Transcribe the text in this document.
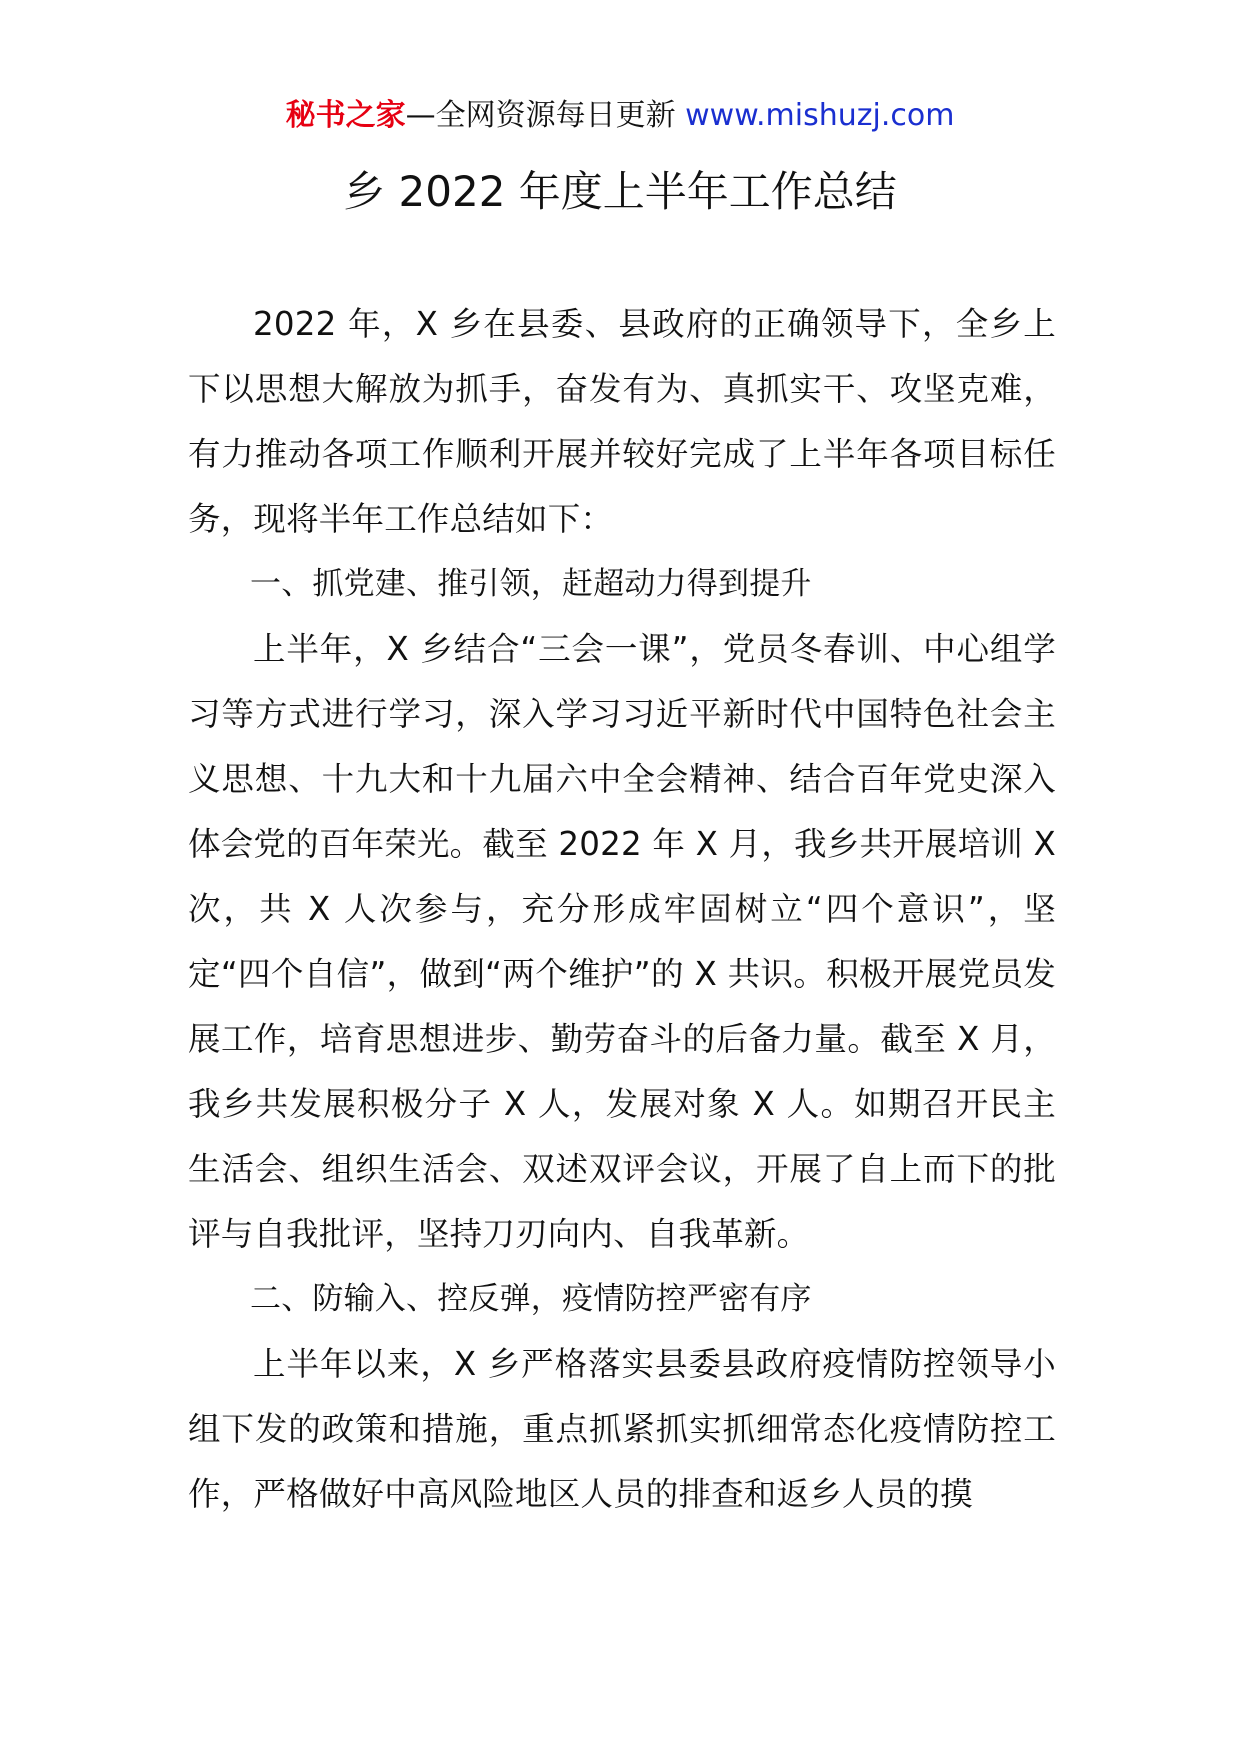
秘书之家—全网资源每日更新 www.mishuzj.com
乡 2022 年度上半年工作总结

2022 年，X 乡在县委、县政府的正确领导下，全乡上下以思想大解放为抓手，奋发有为、真抓实干、攻坚克难，有力推动各项工作顺利开展并较好完成了上半年各项目标任务，现将半年工作总结如下：

一、抓党建、推引领，赶超动力得到提升

上半年，X 乡结合“三会一课”，党员冬春训、中心组学习等方式进行学习，深入学习习近平新时代中国特色社会主义思想、十九大和十九届六中全会精神、结合百年党史深入体会党的百年荣光。截至 2022 年 X 月，我乡共开展培训 X 次，共 X 人次参与，充分形成牢固树立“四个意识”，坚定“四个自信”，做到“两个维护”的 X 共识。积极开展党员发展工作，培育思想进步、勤劳奋斗的后备力量。截至 X 月，我乡共发展积极分子 X 人，发展对象 X 人。如期召开民主生活会、组织生活会、双述双评会议，开展了自上而下的批评与自我批评，坚持刀刃向内、自我革新。

二、防输入、控反弹，疫情防控严密有序

上半年以来，X 乡严格落实县委县政府疫情防控领导小组下发的政策和措施，重点抓紧抓实抓细常态化疫情防控工作，严格做好中高风险地区人员的排查和返乡人员的摸
